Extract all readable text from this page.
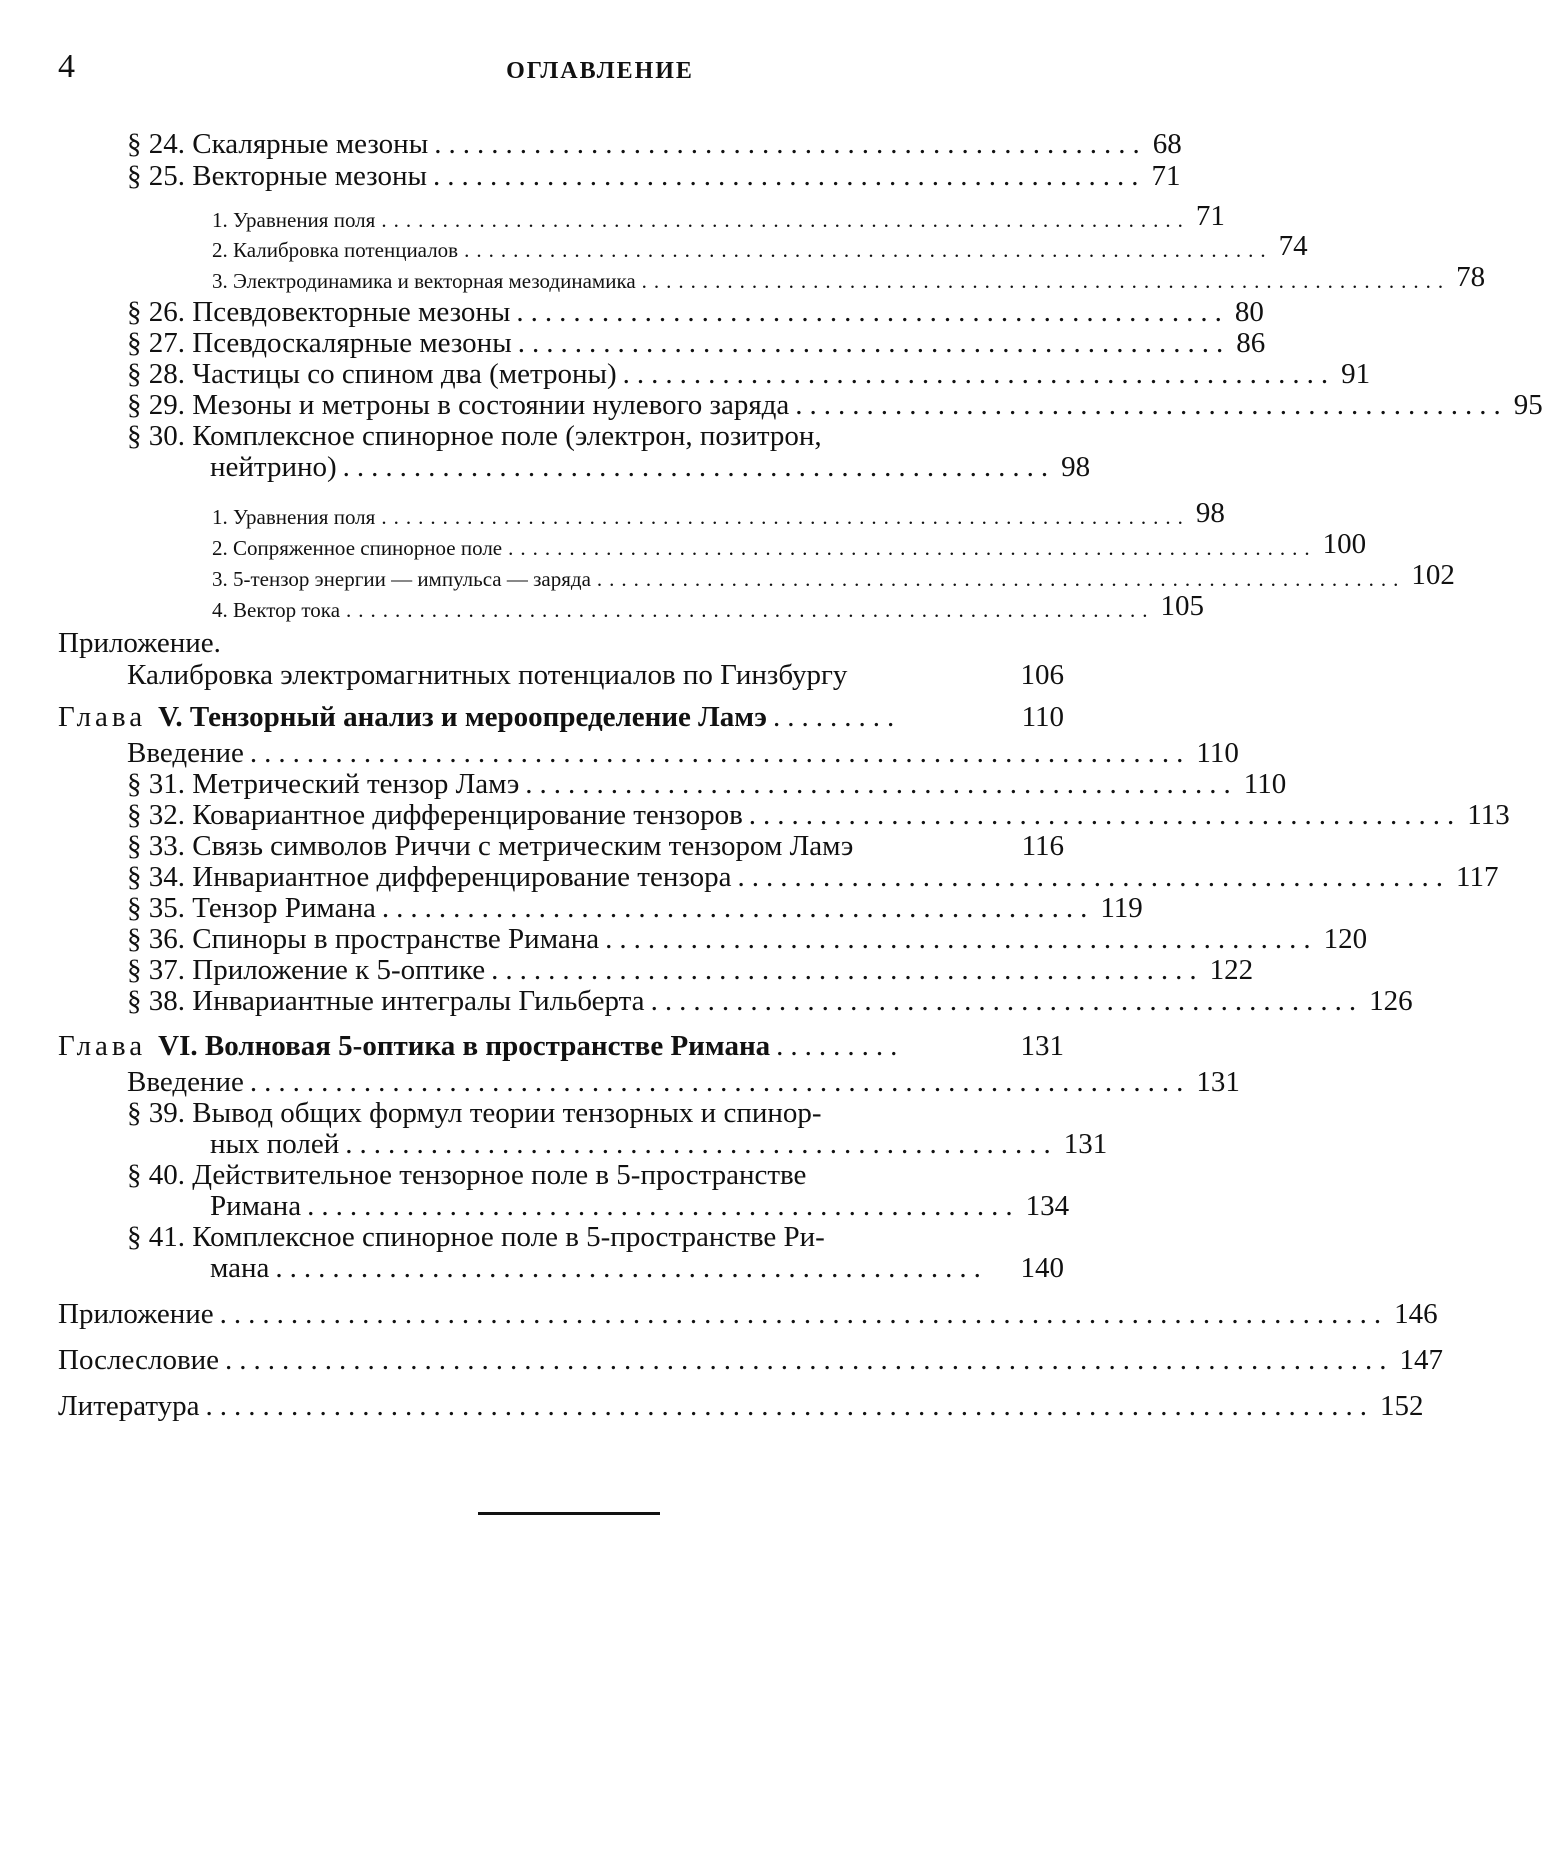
4	ОГЛАВЛЕНИЕ
§ 24. Скалярные мезоны .................................................. 68
§ 25. Векторные мезоны .................................................. 71
1. Уравнения поля .................................................................. 71
2. Калибровка потенциалов .................................................................. 74
3. Электродинамика и векторная мезодинамика .................................................................. 78
§ 26. Псевдовекторные мезоны .................................................. 80
§ 27. Псевдоскалярные мезоны .................................................. 86
§ 28. Частицы со спином два (метроны) .................................................. 91
§ 29. Мезоны и метроны в состоянии нулевого заряда .................................................. 95
§ 30. Комплексное спинорное поле (электрон, позитрон,
нейтрино) .................................................. 98
1. Уравнения поля .................................................................. 98
2. Сопряженное спинорное поле .................................................................. 100
3. 5-тензор энергии — импульса — заряда .................................................................. 102
4. Вектор тока .................................................................. 105
Приложение.
Калибровка электромагнитных потенциалов по Гинзбургу	106
Глава V. Тензорный анализ и мероопределение Ламэ .........	110
Введение .................................................................. 110
§ 31. Метрический тензор Ламэ .................................................. 110
§ 32. Ковариантное дифференцирование тензоров .................................................. 113
§ 33. Связь символов Риччи с метрическим тензором Ламэ	116
§ 34. Инвариантное дифференцирование тензора .................................................. 117
§ 35. Тензор Римана .................................................. 119
§ 36. Спиноры в пространстве Римана .................................................. 120
§ 37. Приложение к 5-оптике .................................................. 122
§ 38. Инвариантные интегралы Гильберта .................................................. 126
Глава VI. Волновая 5-оптика в пространстве Римана .........	131
Введение .................................................................. 131
§ 39. Вывод общих формул теории тензорных и спинор-
ных полей .................................................. 131
§ 40. Действительное тензорное поле в 5-пространстве
Римана .................................................. 134
§ 41. Комплексное спинорное поле в 5-пространстве Ри-
мана ..................................................	140
Приложение .................................................................................. 146
Послесловие .................................................................................. 147
Литература .................................................................................. 152
